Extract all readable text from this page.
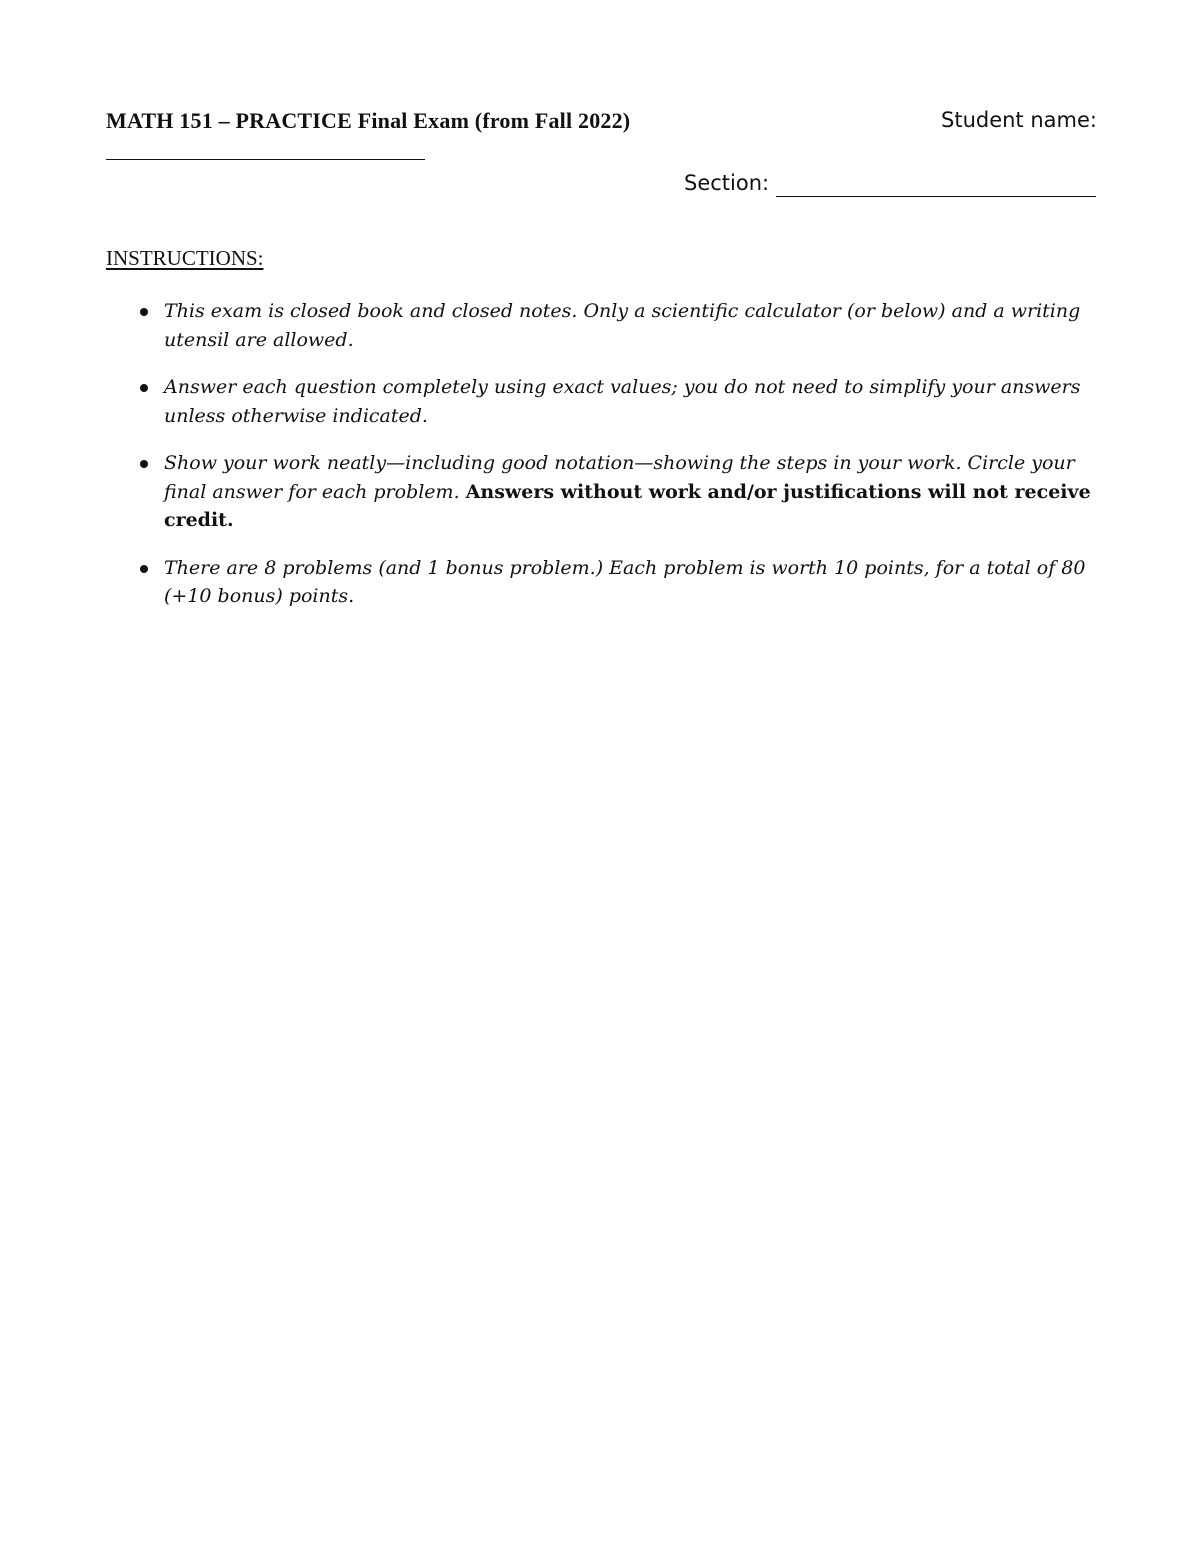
MATH 151 – PRACTICE Final Exam (from Fall 2022)	Student name:
Section:
INSTRUCTIONS:
This exam is closed book and closed notes. Only a scientific calculator (or below) and a writing utensil are allowed.
Answer each question completely using exact values; you do not need to simplify your answers unless otherwise indicated.
Show your work neatly—including good notation—showing the steps in your work. Circle your final answer for each problem. Answers without work and/or justifications will not receive credit.
There are 8 problems (and 1 bonus problem.) Each problem is worth 10 points, for a total of 80 (+10 bonus) points.
